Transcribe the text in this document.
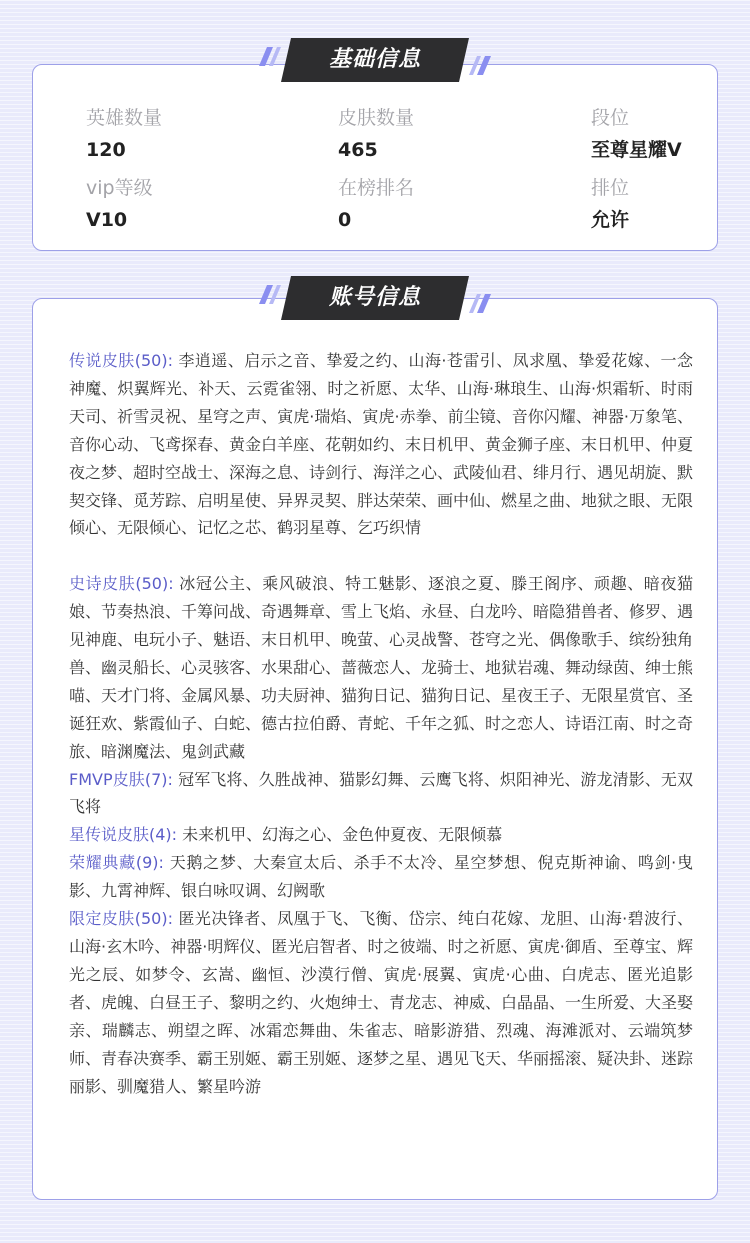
英雄数量
120
皮肤数量
465
段位
至尊星耀V
vip等级
V10
在榜排名
0
排位
允许
基础信息

传说皮肤(50): 李逍遥、启示之音、挚爱之约、山海·苍雷引、凤求凰、挚爱花嫁、一念神魔、炽翼辉光、补天、云霓雀翎、时之祈愿、太华、山海·琳琅生、山海·炽霜斩、时雨天司、祈雪灵祝、星穹之声、寅虎·瑞焰、寅虎·赤拳、前尘镜、音你闪耀、神器·万象笔、音你心动、飞鸢探春、黄金白羊座、花朝如约、末日机甲、黄金狮子座、末日机甲、仲夏夜之梦、超时空战士、深海之息、诗剑行、海洋之心、武陵仙君、绯月行、遇见胡旋、默契交锋、觅芳踪、启明星使、异界灵契、胖达荣荣、画中仙、燃星之曲、地狱之眼、无限倾心、无限倾心、记忆之芯、鹤羽星尊、乞巧织情

史诗皮肤(50): 冰冠公主、乘风破浪、特工魅影、逐浪之夏、滕王阁序、顽趣、暗夜猫娘、节奏热浪、千筹问战、奇遇舞章、雪上飞焰、永昼、白龙吟、暗隐猎兽者、修罗、遇见神鹿、电玩小子、魅语、末日机甲、晚萤、心灵战警、苍穹之光、偶像歌手、缤纷独角兽、幽灵船长、心灵骇客、水果甜心、蔷薇恋人、龙骑士、地狱岩魂、舞动绿茵、绅士熊喵、天才门将、金属风暴、功夫厨神、猫狗日记、猫狗日记、星夜王子、无限星赏官、圣诞狂欢、紫霞仙子、白蛇、德古拉伯爵、青蛇、千年之狐、时之恋人、诗语江南、时之奇旅、暗渊魔法、鬼剑武藏

FMVP皮肤(7): 冠军飞将、久胜战神、猫影幻舞、云鹰飞将、炽阳神光、游龙清影、无双飞将

星传说皮肤(4): 未来机甲、幻海之心、金色仲夏夜、无限倾慕

荣耀典藏(9): 天鹅之梦、大秦宣太后、杀手不太冷、星空梦想、倪克斯神谕、鸣剑·曳影、九霄神辉、银白咏叹调、幻阙歌

限定皮肤(50): 匿光决锋者、凤凰于飞、飞衡、岱宗、纯白花嫁、龙胆、山海·碧波行、山海·玄木吟、神器·明辉仪、匿光启智者、时之彼端、时之祈愿、寅虎·御盾、至尊宝、辉光之辰、如梦令、玄嵩、幽恒、沙漠行僧、寅虎·展翼、寅虎·心曲、白虎志、匿光追影者、虎魄、白昼王子、黎明之约、火炮绅士、青龙志、神威、白晶晶、一生所爱、大圣娶亲、瑞麟志、朔望之晖、冰霜恋舞曲、朱雀志、暗影游猎、烈魂、海滩派对、云端筑梦师、青春决赛季、霸王别姬、霸王别姬、逐梦之星、遇见飞天、华丽摇滚、疑决卦、迷踪丽影、驯魔猎人、繁星吟游

账号信息
